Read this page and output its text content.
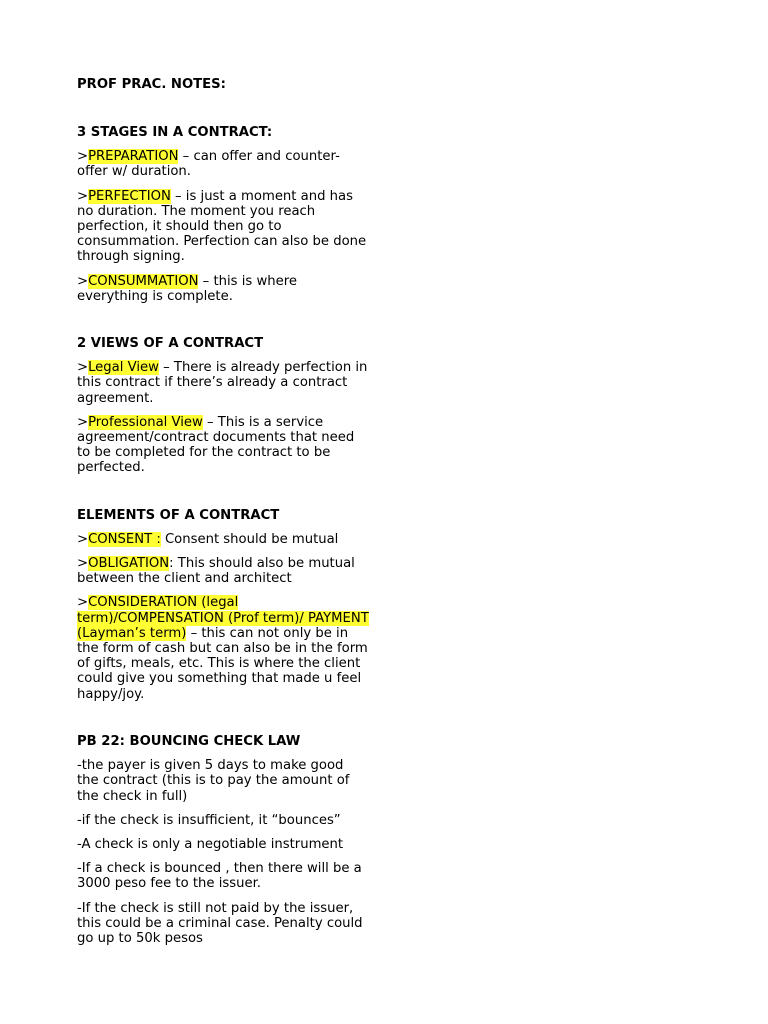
PROF PRAC. NOTES:
3 STAGES IN A CONTRACT:

>PREPARATION – can offer and counter-offer w/ duration.

>PERFECTION – is just a moment and has no duration. The moment you reach perfection, it should then go to consummation. Perfection can also be done through signing.

>CONSUMMATION – this is where everything is complete.

2 VIEWS OF A CONTRACT

>Legal View – There is already perfection in this contract if there’s already a contract agreement.

>Professional View – This is a service agreement/contract documents that need to be completed for the contract to be perfected.

ELEMENTS OF A CONTRACT

>CONSENT : Consent should be mutual

>OBLIGATION: This should also be mutual between the client and architect

>CONSIDERATION (legal term)/COMPENSATION (Prof term)/ PAYMENT (Layman’s term) – this can not only be in the form of cash but can also be in the form of gifts, meals, etc. This is where the client could give you something that made u feel happy/joy.

PB 22: BOUNCING CHECK LAW

-the payer is given 5 days to make good the contract (this is to pay the amount of the check in full)

-if the check is insufficient, it “bounces”

-A check is only a negotiable instrument

-If a check is bounced , then there will be a 3000 peso fee to the issuer.

-If the check is still not paid by the issuer, this could be a criminal case. Penalty could go up to 50k pesos
